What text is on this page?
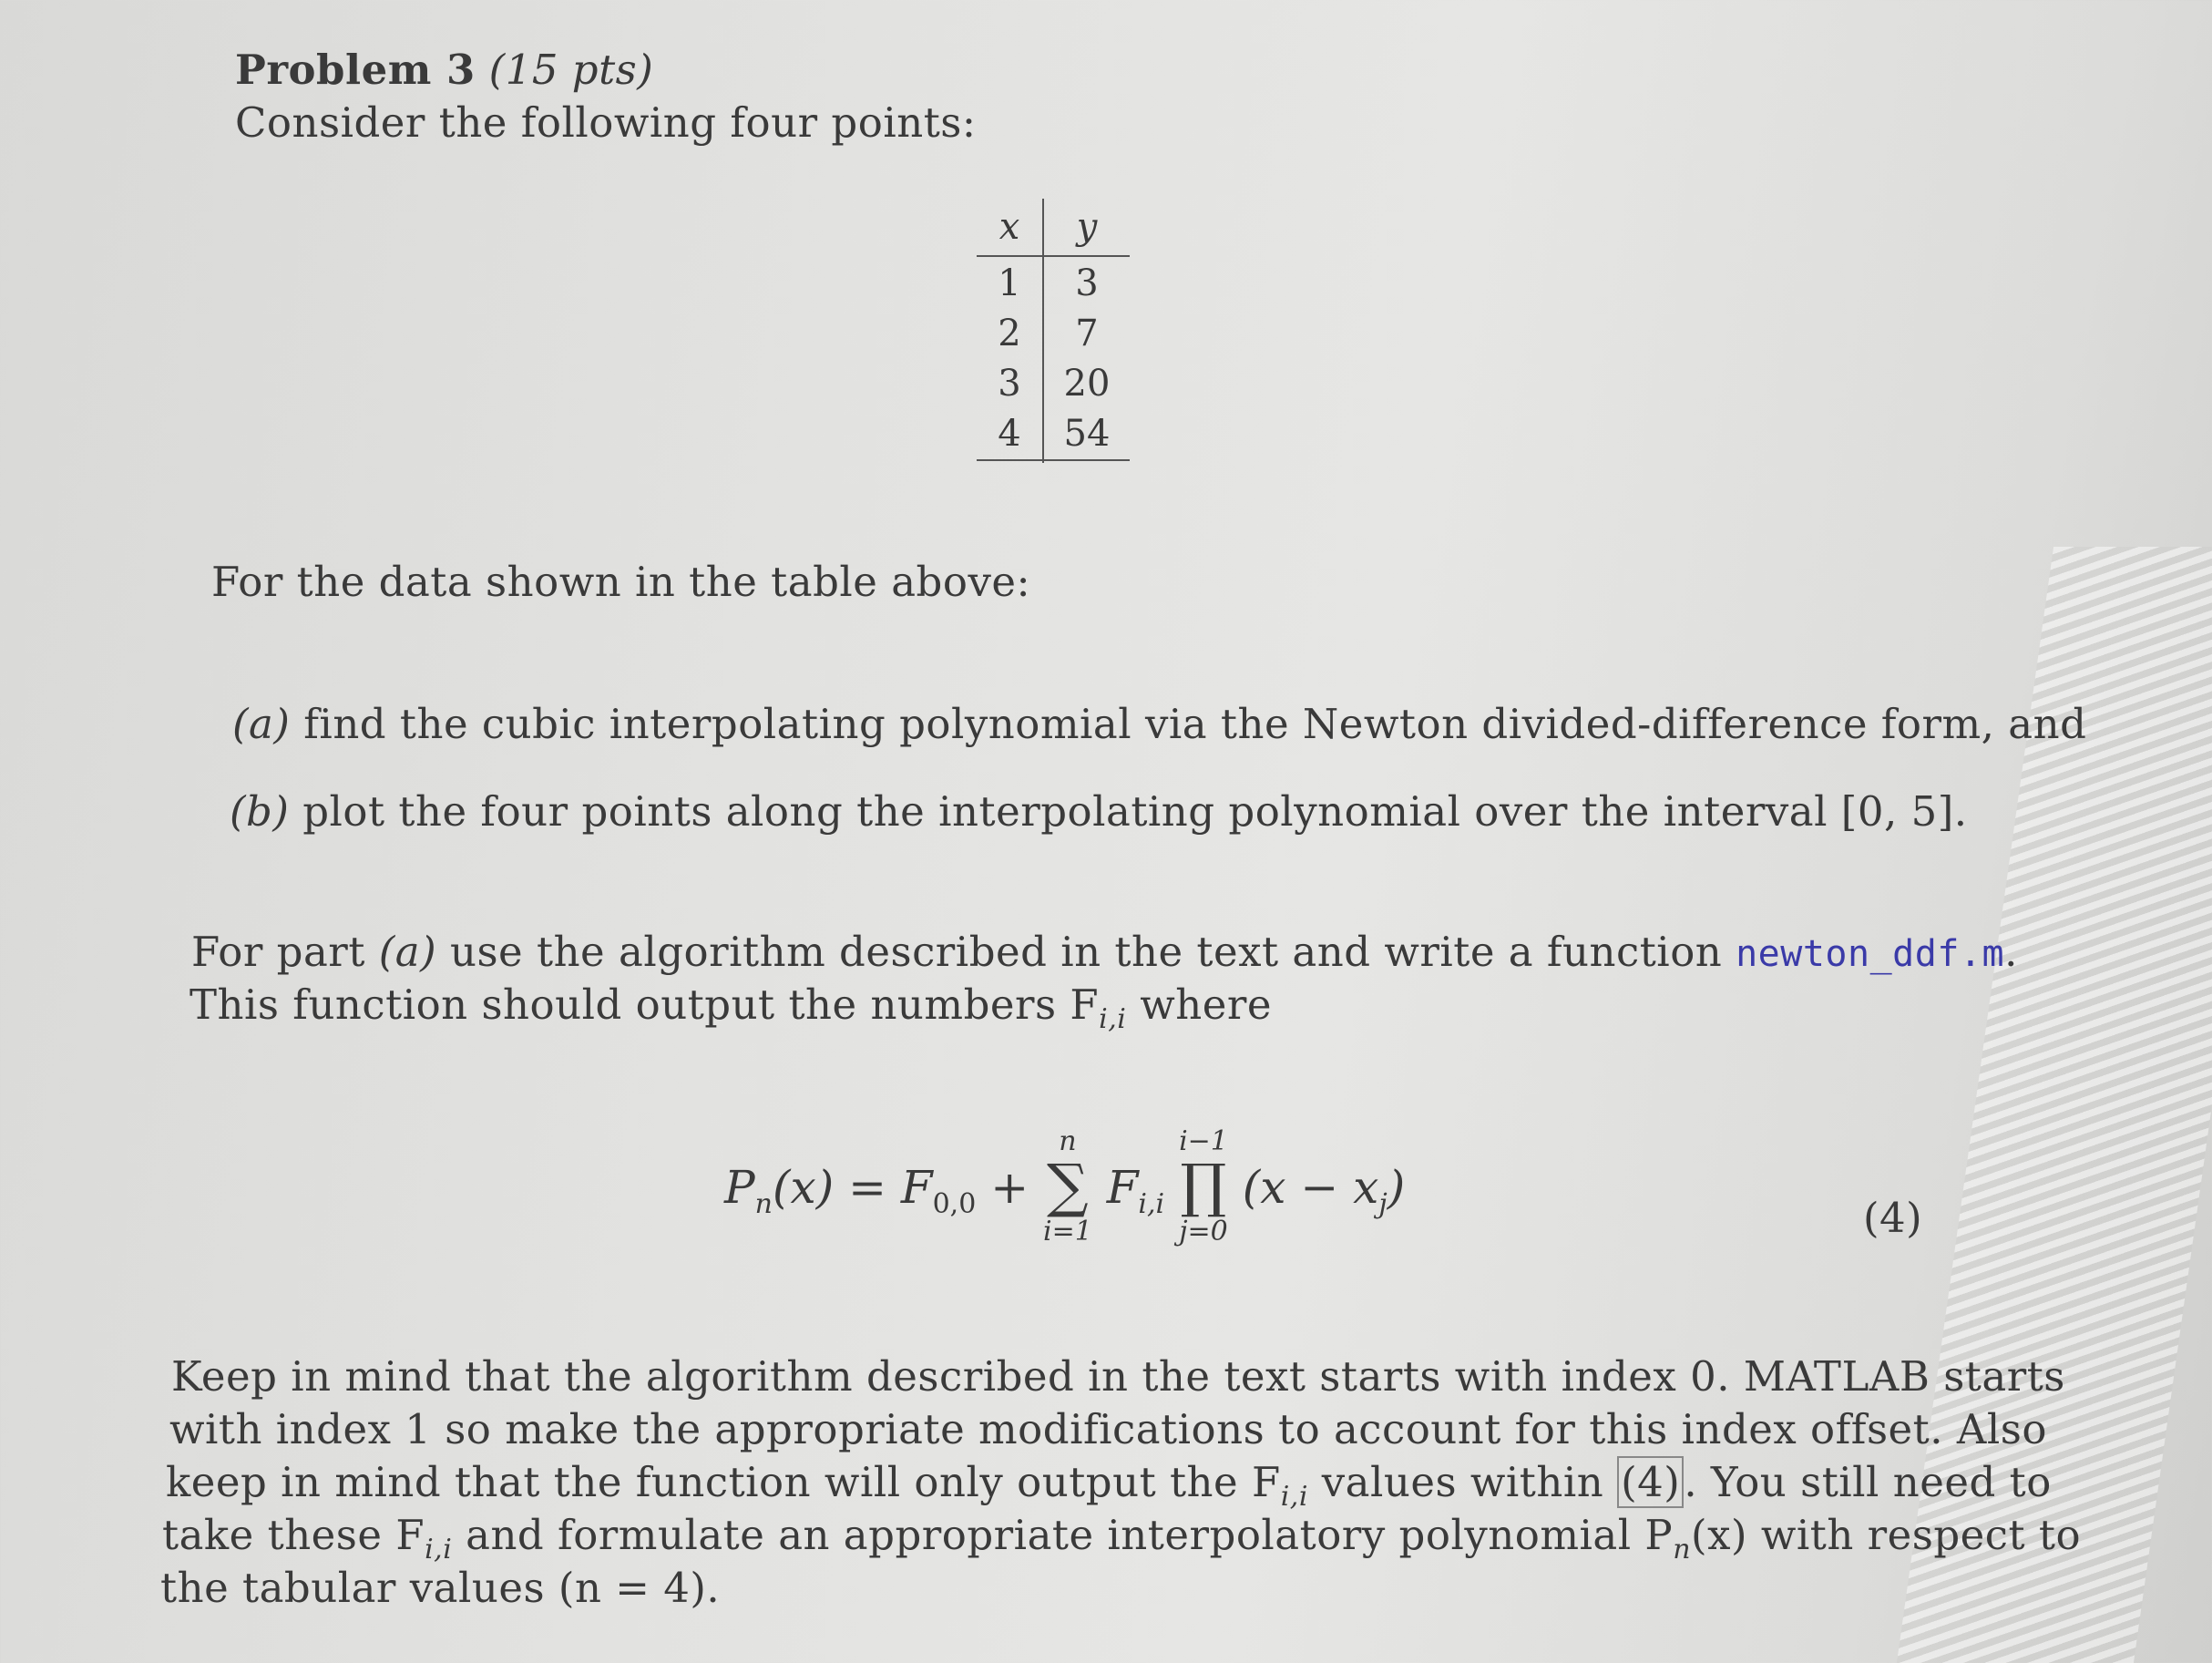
Problem 3 (15 pts)
Consider the following four points:
x	y
1	3
2	7
3	20
4	54
For the data shown in the table above:
(a) find the cubic interpolating polynomial via the Newton divided-difference form, and
(b) plot the four points along the interpolating polynomial over the interval [0, 5].
For part (a) use the algorithm described in the text and write a function newton_ddf.m.
This function should output the numbers $F_{i,i}$ where
$P_n(x) = F_{0,0}$ +
n
∑
i=1
$F_{i,i}$
i−1
∏
j=0
$(x - x_j)$
(4)
Keep in mind that the algorithm described in the text starts with index 0. MATLAB starts
with index 1 so make the appropriate modifications to account for this index offset. Also
keep in mind that the function will only output the $F_{i,i}$ values within (4). You still need to
take these $F_{i,i}$ and formulate an appropriate interpolatory polynomial $P_n(x)$ with respect to
the tabular values (n = 4).
